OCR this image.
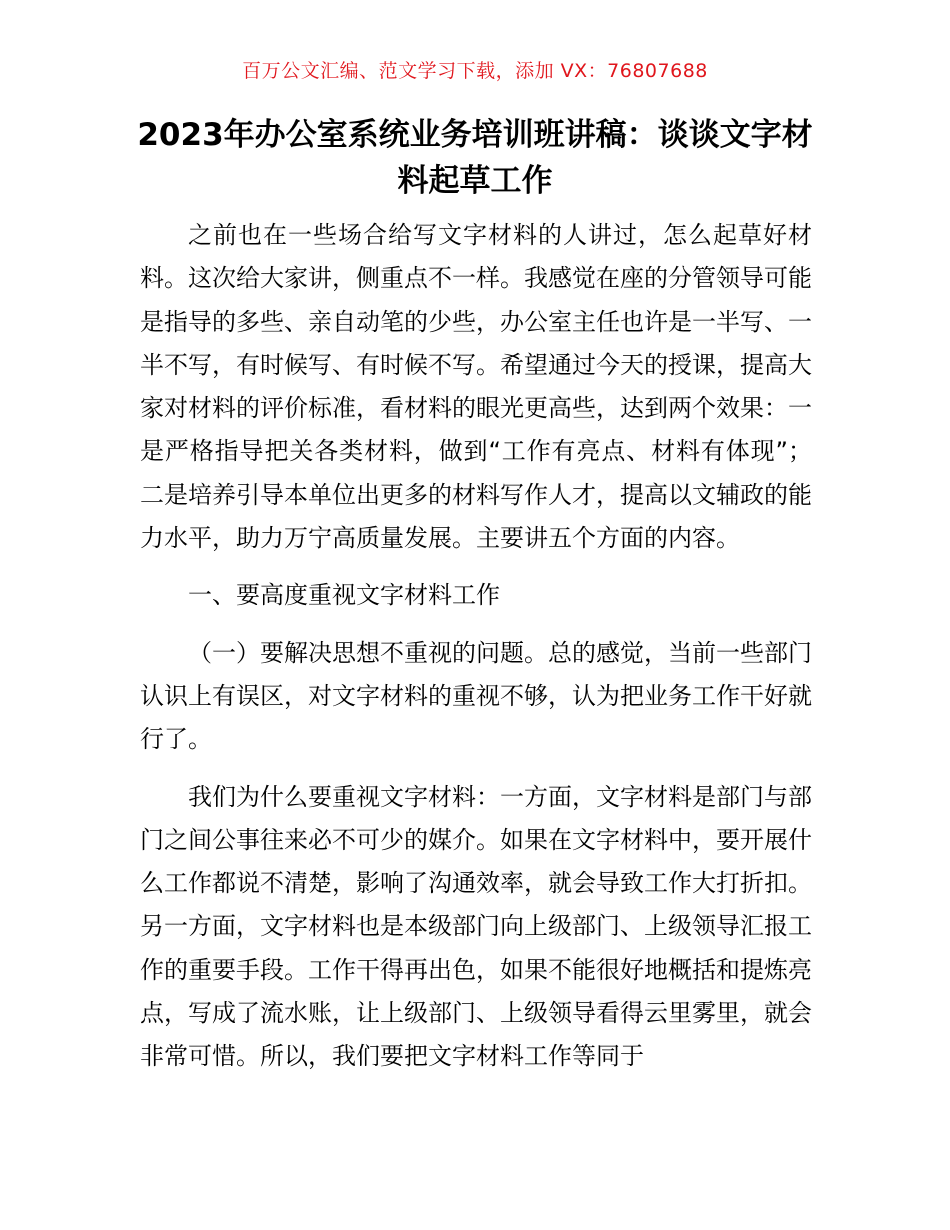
百万公文汇编、范文学习下载，添加 VX：76807688
2023年办公室系统业务培训班讲稿：谈谈文字材料起草工作

之前也在一些场合给写文字材料的人讲过，怎么起草好材料。这次给大家讲，侧重点不一样。我感觉在座的分管领导可能是指导的多些、亲自动笔的少些，办公室主任也许是一半写、一半不写，有时候写、有时候不写。希望通过今天的授课，提高大家对材料的评价标准，看材料的眼光更高些，达到两个效果：一是严格指导把关各类材料，做到“工作有亮点、材料有体现”；二是培养引导本单位出更多的材料写作人才，提高以文辅政的能力水平，助力万宁高质量发展。主要讲五个方面的内容。

一、要高度重视文字材料工作

（一）要解决思想不重视的问题。总的感觉，当前一些部门认识上有误区，对文字材料的重视不够，认为把业务工作干好就行了。

我们为什么要重视文字材料：一方面，文字材料是部门与部门之间公事往来必不可少的媒介。如果在文字材料中，要开展什么工作都说不清楚，影响了沟通效率，就会导致工作大打折扣。另一方面，文字材料也是本级部门向上级部门、上级领导汇报工作的重要手段。工作干得再出色，如果不能很好地概括和提炼亮点，写成了流水账，让上级部门、上级领导看得云里雾里，就会非常可惜。所以，我们要把文字材料工作等同于
